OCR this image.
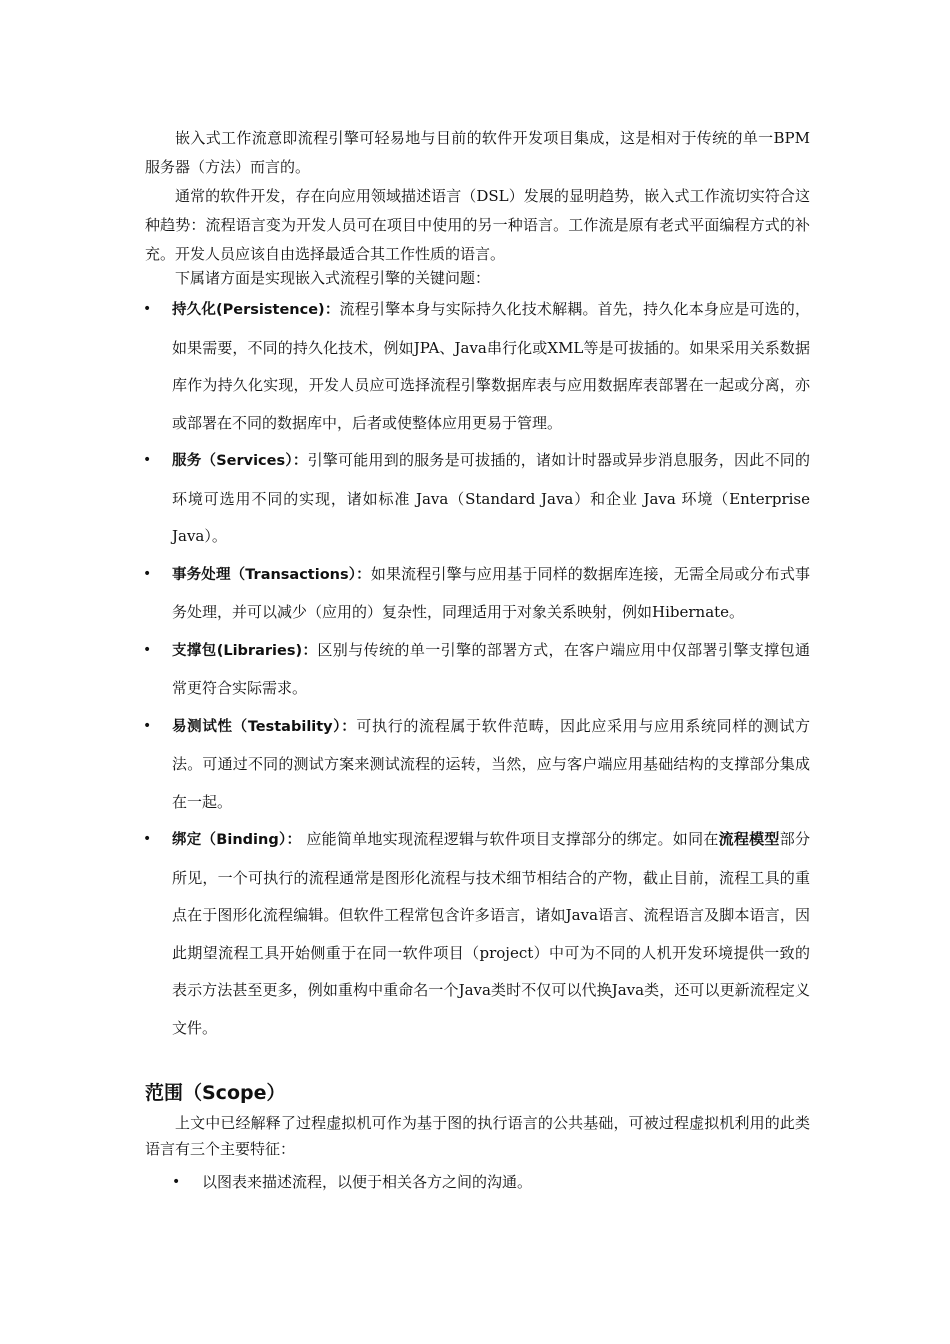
嵌入式工作流意即流程引擎可轻易地与目前的软件开发项目集成，这是相对于传统的单一BPM服务器（方法）而言的。

通常的软件开发，存在向应用领域描述语言（DSL）发展的显明趋势，嵌入式工作流切实符合这种趋势：流程语言变为开发人员可在项目中使用的另一种语言。工作流是原有老式平面编程方式的补充。开发人员应该自由选择最适合其工作性质的语言。

下属诸方面是实现嵌入式流程引擎的关键问题：

• 持久化(Persistence)：流程引擎本身与实际持久化技术解耦。首先，持久化本身应是可选的，如果需要，不同的持久化技术，例如JPA、Java串行化或XML等是可拔插的。如果采用关系数据库作为持久化实现，开发人员应可选择流程引擎数据库表与应用数据库表部署在一起或分离，亦或部署在不同的数据库中，后者或使整体应用更易于管理。
• 服务（Services）：引擎可能用到的服务是可拔插的，诸如计时器或异步消息服务，因此不同的环境可选用不同的实现，诸如标准 Java（Standard Java）和企业 Java 环境（Enterprise Java）。
• 事务处理（Transactions）：如果流程引擎与应用基于同样的数据库连接，无需全局或分布式事务处理，并可以减少（应用的）复杂性，同理适用于对象关系映射，例如Hibernate。
• 支撑包(Libraries)：区别与传统的单一引擎的部署方式，在客户端应用中仅部署引擎支撑包通常更符合实际需求。
• 易测试性（Testability）：可执行的流程属于软件范畴，因此应采用与应用系统同样的测试方法。可通过不同的测试方案来测试流程的运转，当然，应与客户端应用基础结构的支撑部分集成在一起。
• 绑定（Binding）： 应能简单地实现流程逻辑与软件项目支撑部分的绑定。如同在流程模型部分所见，一个可执行的流程通常是图形化流程与技术细节相结合的产物，截止目前，流程工具的重点在于图形化流程编辑。但软件工程常包含许多语言，诸如Java语言、流程语言及脚本语言，因此期望流程工具开始侧重于在同一软件项目（project）中可为不同的人机开发环境提供一致的表示方法甚至更多，例如重构中重命名一个Java类时不仅可以代换Java类，还可以更新流程定义文件。
范围（Scope）

上文中已经解释了过程虚拟机可作为基于图的执行语言的公共基础，可被过程虚拟机利用的此类语言有三个主要特征：

• 以图表来描述流程，以便于相关各方之间的沟通。
